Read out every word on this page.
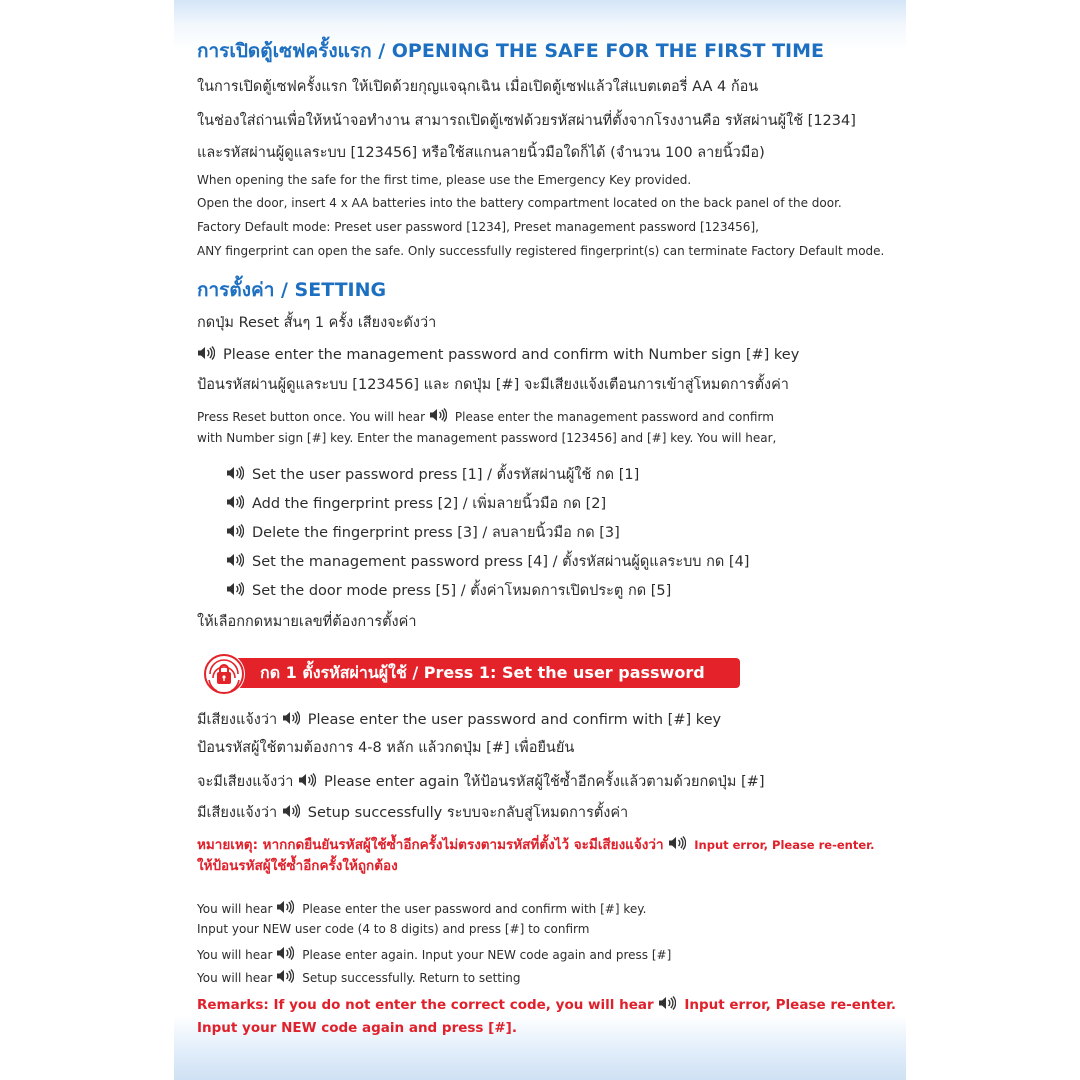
การเปิดตู้เซฟครั้งแรก / OPENING THE SAFE FOR THE FIRST TIME
ในการเปิดตู้เซฟครั้งแรก ให้เปิดด้วยกุญแจฉุกเฉิน เมื่อเปิดตู้เซฟแล้วใส่แบตเตอรี่ AA 4 ก้อน
ในช่องใส่ถ่านเพื่อให้หน้าจอทำงาน สามารถเปิดตู้เซฟด้วยรหัสผ่านที่ตั้งจากโรงงานคือ รหัสผ่านผู้ใช้ [1234]
และรหัสผ่านผู้ดูแลระบบ [123456] หรือใช้สแกนลายนิ้วมือใดก็ได้ (จำนวน 100 ลายนิ้วมือ)
When opening the safe for the first time, please use the Emergency Key provided.
Open the door, insert 4 x AA batteries into the battery compartment located on the back panel of the door.
Factory Default mode: Preset user password [1234], Preset management password [123456],
ANY fingerprint can open the safe. Only successfully registered fingerprint(s) can terminate Factory Default mode.
การตั้งค่า / SETTING
กดปุ่ม Reset สั้นๆ 1 ครั้ง เสียงจะดังว่า
Please enter the management password and confirm with Number sign [#] key
ป้อนรหัสผ่านผู้ดูแลระบบ [123456] และ กดปุ่ม [#] จะมีเสียงแจ้งเตือนการเข้าสู่โหมดการตั้งค่า
Press Reset button once. You will hear Please enter the management password and confirm
with Number sign [#] key. Enter the management password [123456] and [#] key. You will hear,
Set the user password press [1] / ตั้งรหัสผ่านผู้ใช้ กด [1]
Add the fingerprint press [2] / เพิ่มลายนิ้วมือ กด [2]
Delete the fingerprint press [3] / ลบลายนิ้วมือ กด [3]
Set the management password press [4] / ตั้งรหัสผ่านผู้ดูแลระบบ กด [4]
Set the door mode press [5] / ตั้งค่าโหมดการเปิดประตู กด [5]
ให้เลือกกดหมายเลขที่ต้องการตั้งค่า
กด 1 ตั้งรหัสผ่านผู้ใช้ / Press 1: Set the user password
มีเสียงแจ้งว่า Please enter the user password and confirm with [#] key
ป้อนรหัสผู้ใช้ตามต้องการ 4-8 หลัก แล้วกดปุ่ม [#] เพื่อยืนยัน
จะมีเสียงแจ้งว่า Please enter again ให้ป้อนรหัสผู้ใช้ซ้ำอีกครั้งแล้วตามด้วยกดปุ่ม [#]
มีเสียงแจ้งว่า Setup successfully ระบบจะกลับสู่โหมดการตั้งค่า
หมายเหตุ: หากกดยืนยันรหัสผู้ใช้ซ้ำอีกครั้งไม่ตรงตามรหัสที่ตั้งไว้ จะมีเสียงแจ้งว่า	Input error, Please re-enter.
ให้ป้อนรหัสผู้ใช้ซ้ำอีกครั้งให้ถูกต้อง
You will hear Please enter the user password and confirm with [#] key.
Input your NEW user code (4 to 8 digits) and press [#] to confirm
You will hear Please enter again. Input your NEW code again and press [#]
You will hear Setup successfully. Return to setting
Remarks: If you do not enter the correct code, you will hear Input error, Please re-enter.
Input your NEW code again and press [#].
